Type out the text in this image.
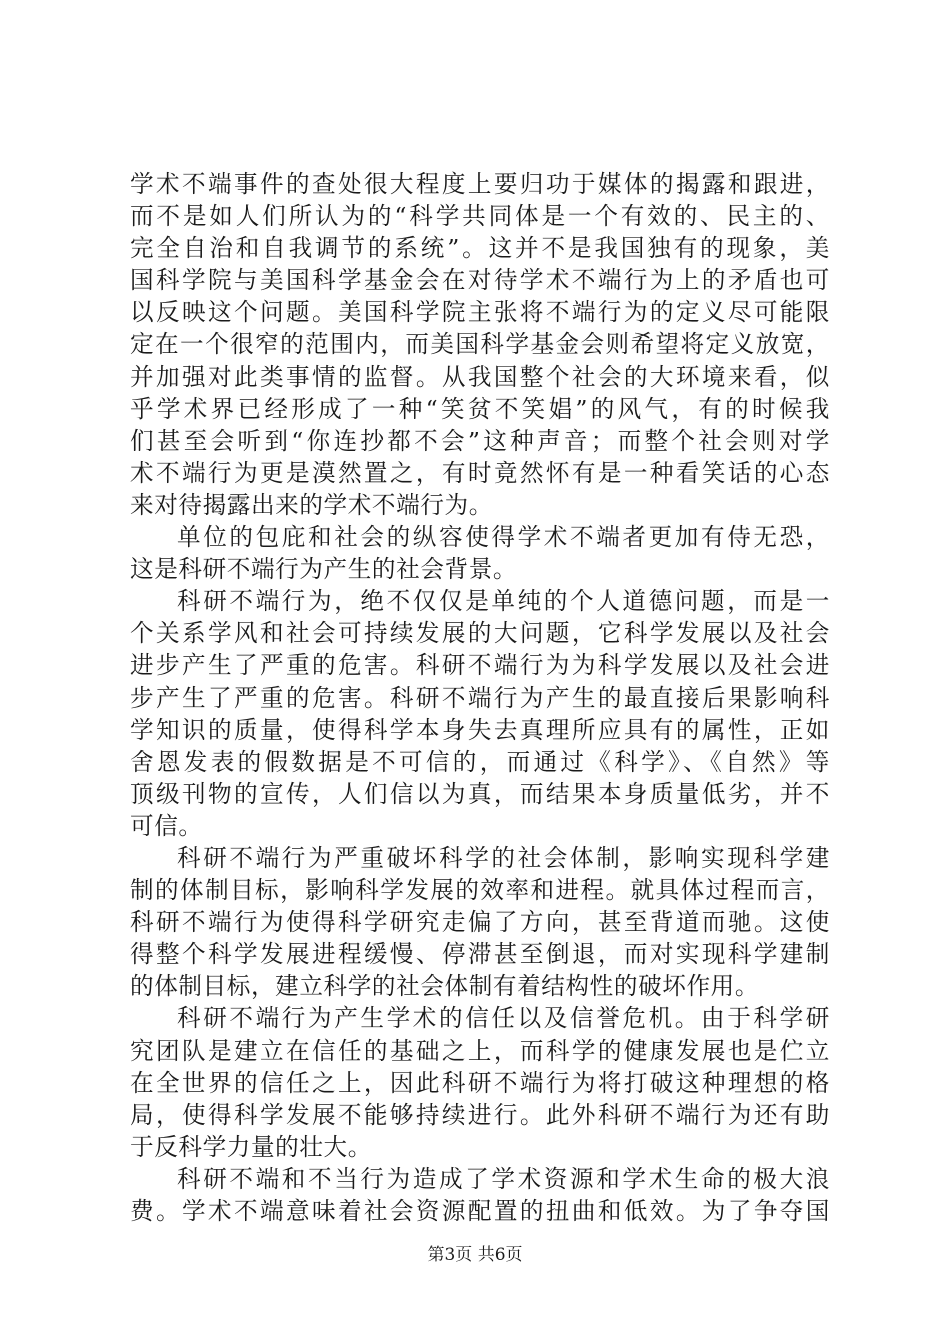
学术不端事件的查处很大程度上要归功于媒体的揭露和跟进，
而不是如人们所认为的“科学共同体是一个有效的、民主的、
完全自治和自我调节的系统”。这并不是我国独有的现象，美
国科学院与美国科学基金会在对待学术不端行为上的矛盾也可
以反映这个问题。美国科学院主张将不端行为的定义尽可能限
定在一个很窄的范围内，而美国科学基金会则希望将定义放宽，
并加强对此类事情的监督。从我国整个社会的大环境来看，似
乎学术界已经形成了一种“笑贫不笑娼”的风气，有的时候我
们甚至会听到“你连抄都不会”这种声音；而整个社会则对学
术不端行为更是漠然置之，有时竟然怀有是一种看笑话的心态
来对待揭露出来的学术不端行为。
单位的包庇和社会的纵容使得学术不端者更加有侍无恐，
这是科研不端行为产生的社会背景。
科研不端行为，绝不仅仅是单纯的个人道德问题，而是一
个关系学风和社会可持续发展的大问题，它科学发展以及社会
进步产生了严重的危害。科研不端行为为科学发展以及社会进
步产生了严重的危害。科研不端行为产生的最直接后果影响科
学知识的质量，使得科学本身失去真理所应具有的属性，正如
舍恩发表的假数据是不可信的，而通过《科学》、《自然》等
顶级刊物的宣传，人们信以为真，而结果本身质量低劣，并不
可信。
科研不端行为严重破坏科学的社会体制，影响实现科学建
制的体制目标，影响科学发展的效率和进程。就具体过程而言，
科研不端行为使得科学研究走偏了方向，甚至背道而驰。这使
得整个科学发展进程缓慢、停滞甚至倒退，而对实现科学建制
的体制目标，建立科学的社会体制有着结构性的破坏作用。
科研不端行为产生学术的信任以及信誉危机。由于科学研
究团队是建立在信任的基础之上，而科学的健康发展也是伫立
在全世界的信任之上，因此科研不端行为将打破这种理想的格
局，使得科学发展不能够持续进行。此外科研不端行为还有助
于反科学力量的壮大。
科研不端和不当行为造成了学术资源和学术生命的极大浪
费。学术不端意味着社会资源配置的扭曲和低效。为了争夺国
第3页 共6页
